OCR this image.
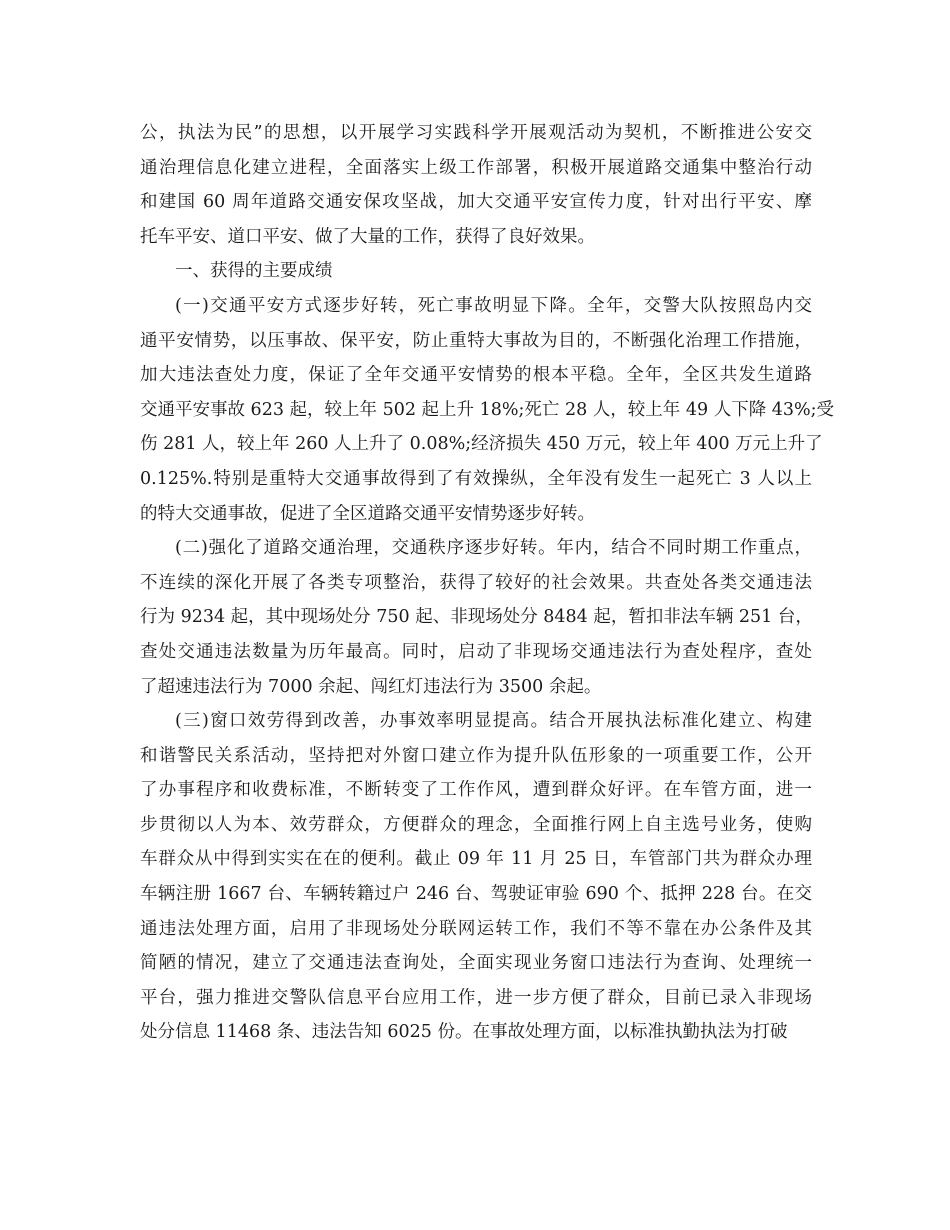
公，执法为民”的思想，以开展学习实践科学开展观活动为契机，不断推进公安交
通治理信息化建立进程，全面落实上级工作部署，积极开展道路交通集中整治行动
和建国 60 周年道路交通安保攻坚战，加大交通平安宣传力度，针对出行平安、摩
托车平安、道口平安、做了大量的工作，获得了良好效果。
一、获得的主要成绩
(一)交通平安方式逐步好转，死亡事故明显下降。全年，交警大队按照岛内交
通平安情势，以压事故、保平安，防止重特大事故为目的，不断强化治理工作措施，
加大违法查处力度，保证了全年交通平安情势的根本平稳。全年，全区共发生道路
交通平安事故 623 起，较上年 502 起上升 18%;死亡 28 人，较上年 49 人下降 43%;受
伤 281 人，较上年 260 人上升了 0.08%;经济损失 450 万元，较上年 400 万元上升了
0.125%.特别是重特大交通事故得到了有效操纵，全年没有发生一起死亡 3 人以上
的特大交通事故，促进了全区道路交通平安情势逐步好转。
(二)强化了道路交通治理，交通秩序逐步好转。年内，结合不同时期工作重点，
不连续的深化开展了各类专项整治，获得了较好的社会效果。共查处各类交通违法
行为 9234 起，其中现场处分 750 起、非现场处分 8484 起，暂扣非法车辆 251 台，
查处交通违法数量为历年最高。同时，启动了非现场交通违法行为查处程序，查处
了超速违法行为 7000 余起、闯红灯违法行为 3500 余起。
(三)窗口效劳得到改善，办事效率明显提高。结合开展执法标准化建立、构建
和谐警民关系活动，坚持把对外窗口建立作为提升队伍形象的一项重要工作，公开
了办事程序和收费标准，不断转变了工作作风，遭到群众好评。在车管方面，进一
步贯彻以人为本、效劳群众，方便群众的理念，全面推行网上自主选号业务，使购
车群众从中得到实实在在的便利。截止 09 年 11 月 25 日，车管部门共为群众办理
车辆注册 1667 台、车辆转籍过户 246 台、驾驶证审验 690 个、抵押 228 台。在交
通违法处理方面，启用了非现场处分联网运转工作，我们不等不靠在办公条件及其
简陋的情况，建立了交通违法查询处，全面实现业务窗口违法行为查询、处理统一
平台，强力推进交警队信息平台应用工作，进一步方便了群众，目前已录入非现场
处分信息 11468 条、违法告知 6025 份。在事故处理方面，以标准执勤执法为打破
